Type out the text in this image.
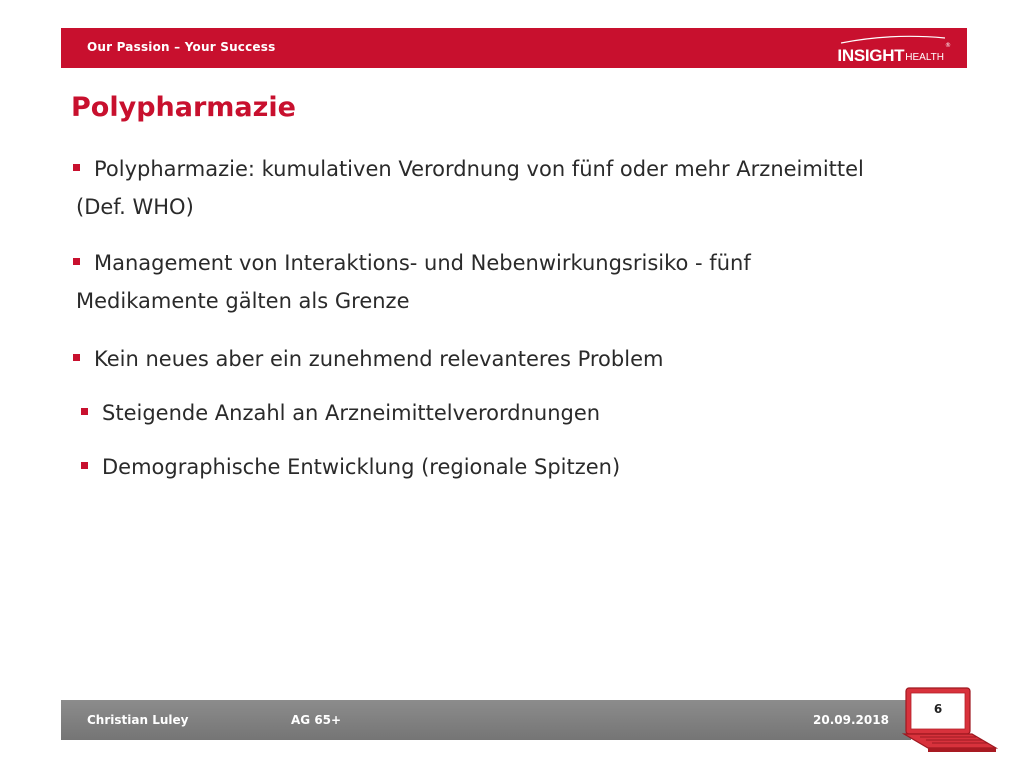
Our Passion – Your Success	INSIGHT HEALTH
®
Polypharmazie
Polypharmazie: kumulativen Verordnung von fünf oder mehr Arzneimittel
(Def. WHO)
Management von Interaktions- und Nebenwirkungsrisiko - fünf
Medikamente gälten als Grenze
Kein neues aber ein zunehmend relevanteres Problem
Steigende Anzahl an Arzneimittelverordnungen
Demographische Entwicklung (regionale Spitzen)
Christian Luley	AG 65+	20.09.2018
6
